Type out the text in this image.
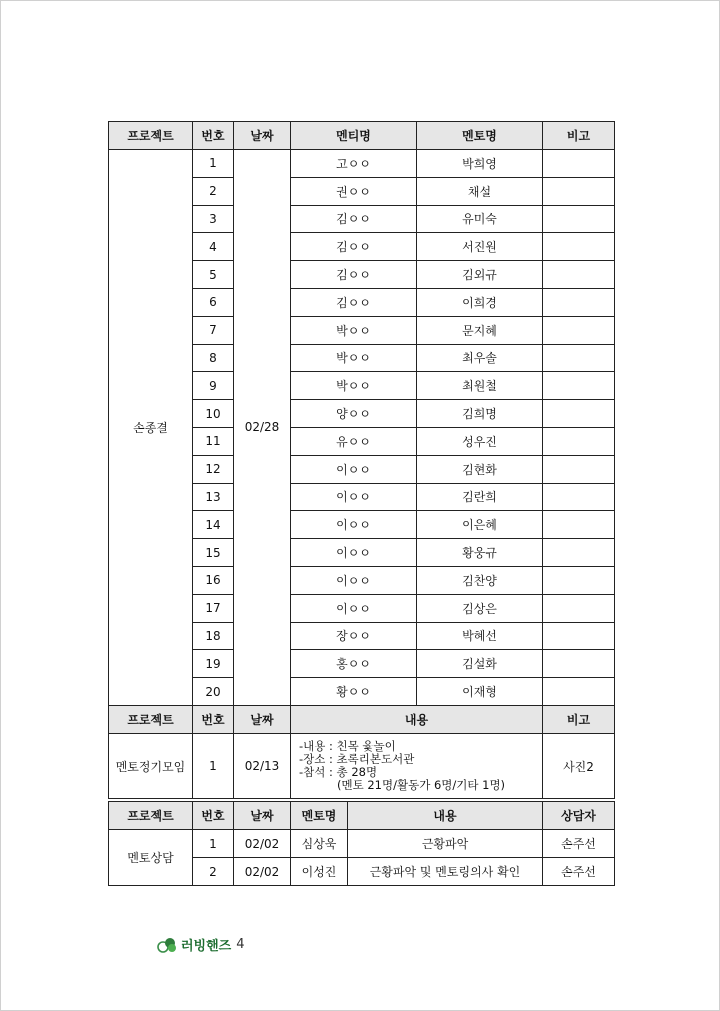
프로젝트	번호	날짜	멘티명	멘토명	비고
손종결	1	02/28	고ㅇㅇ	박희영	
	2		권ㅇㅇ	채설	
	3		김ㅇㅇ	유미숙	
	4		김ㅇㅇ	서진원	
	5		김ㅇㅇ	김외규	
	6		김ㅇㅇ	이희경	
	7		박ㅇㅇ	문지혜	
	8		박ㅇㅇ	최우솔	
	9		박ㅇㅇ	최원철	
	10		양ㅇㅇ	김희명	
	11		유ㅇㅇ	성우진	
	12		이ㅇㅇ	김현화	
	13		이ㅇㅇ	김란희	
	14		이ㅇㅇ	이은혜	
	15		이ㅇㅇ	황웅규	
	16		이ㅇㅇ	김찬양	
	17		이ㅇㅇ	김상은	
	18		장ㅇㅇ	박혜선	
	19		홍ㅇㅇ	김설화	
	20		황ㅇㅇ	이재형	
프로젝트	번호	날짜	내용	비고
멘토정기모임	1	02/13	-내용 : 친목 윷놀이
-장소 : 초록리본도서관
-참석 : 총 28명
(멘토 21명/활동가 6명/기타 1명)	사진2
프로젝트	번호	날짜	멘토명	내용	상담자
멘토상담	1	02/02	심상욱	근황파악	손주선
	2	02/02	이성진	근황파악 및 멘토링의사 확인	손주선
러빙핸즈 4
